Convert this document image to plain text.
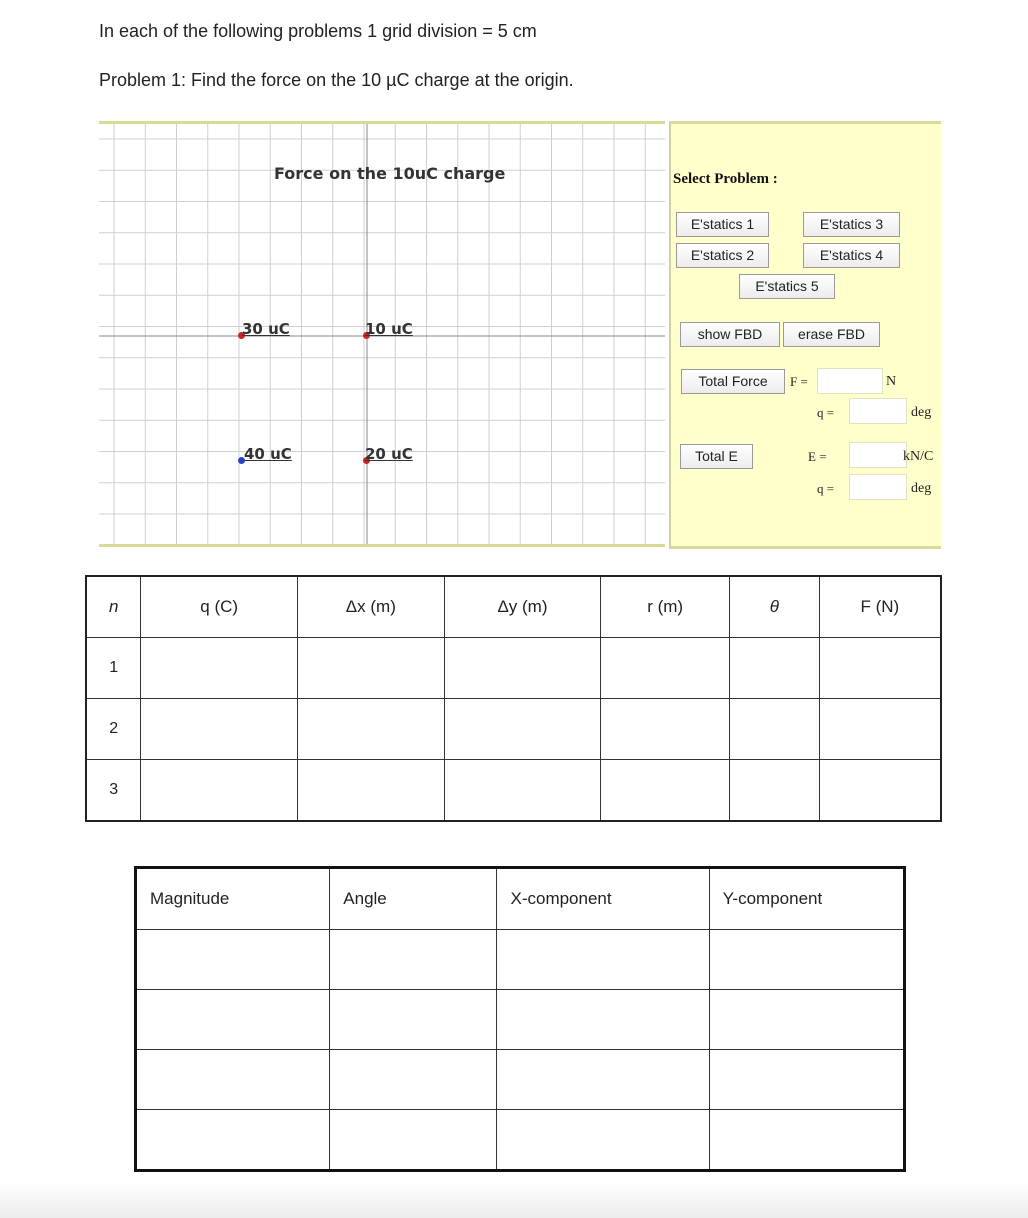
In each of the following problems 1 grid division = 5 cm
Problem 1: Find the force on the 10 µC charge at the origin.
Force on the 10uC charge
30 uC	10 uC
40 uC	20 uC
Select Problem :
E'statics 1	E'statics 3
E'statics 2	E'statics 4
E'statics 5
show FBD	erase FBD
Total Force	F =	N
q =	deg
Total E	E =	kN/C
q =	deg
n	q (C)	Δx (m)	Δy (m)	r (m)	θ	F (N)
1						
2						
3						
Magnitude	Angle	X-component	Y-component
